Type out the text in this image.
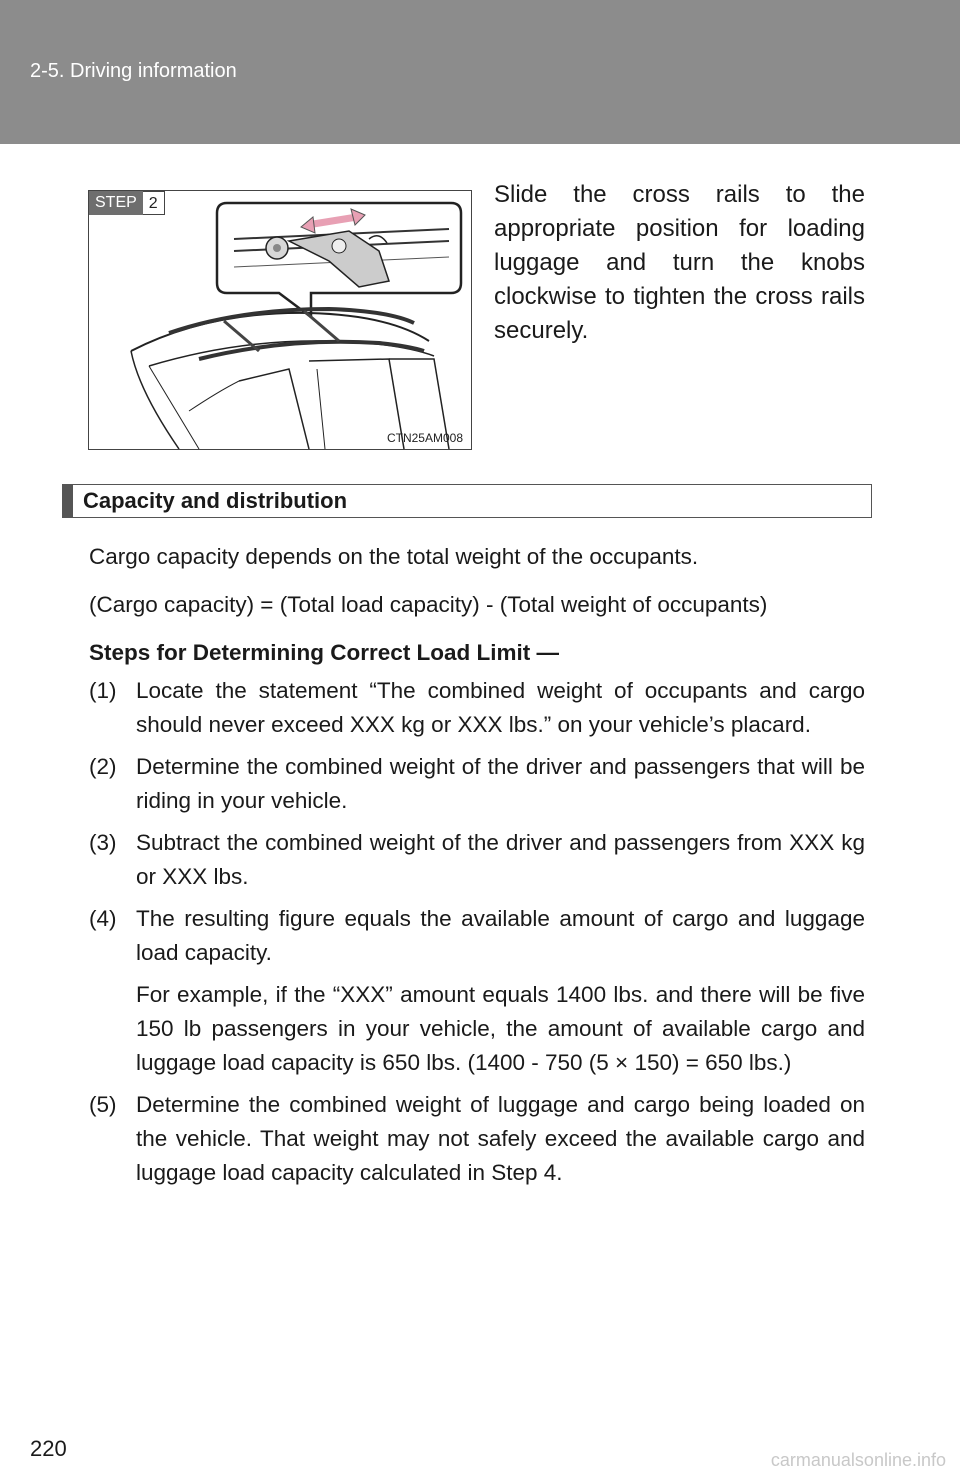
2-5. Driving information
STEP 2
CTN25AM008

Slide the cross rails to the appropriate position for loading luggage and turn the knobs clockwise to tighten the cross rails securely.

Capacity and distribution

Cargo capacity depends on the total weight of the occupants.

(Cargo capacity) = (Total load capacity) - (Total weight of occupants)

Steps for Determining Correct Load Limit —

(1) Locate the statement “The combined weight of occupants and cargo should never exceed XXX kg or XXX lbs.” on your vehicle’s placard.

(2) Determine the combined weight of the driver and passengers that will be riding in your vehicle.

(3) Subtract the combined weight of the driver and passengers from XXX kg or XXX lbs.

(4) The resulting figure equals the available amount of cargo and luggage load capacity.

For example, if the “XXX” amount equals 1400 lbs. and there will be five 150 lb passengers in your vehicle, the amount of available cargo and luggage load capacity is 650 lbs. (1400 - 750 (5 × 150) = 650 lbs.)

(5) Determine the combined weight of luggage and cargo being loaded on the vehicle. That weight may not safely exceed the available cargo and luggage load capacity calculated in Step 4.

220	carmanualsonline.info
